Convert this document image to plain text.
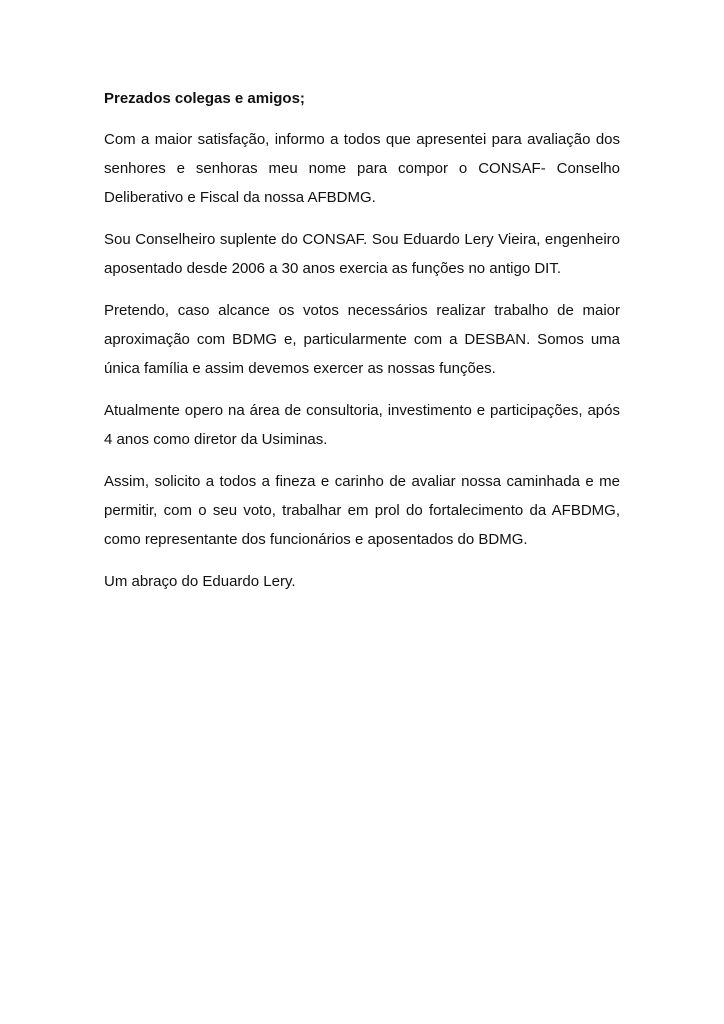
Prezados colegas e amigos;

Com a maior satisfação, informo a todos que apresentei para avaliação dos senhores e senhoras meu nome para compor o CONSAF- Conselho Deliberativo e Fiscal da nossa AFBDMG.

Sou Conselheiro suplente do CONSAF. Sou Eduardo Lery Vieira, engenheiro aposentado desde 2006 a 30 anos exercia as funções no antigo DIT.

Pretendo, caso alcance os votos necessários realizar trabalho de maior aproximação com BDMG e, particularmente com a DESBAN. Somos uma única família e assim devemos exercer as nossas funções.

Atualmente opero na área de consultoria, investimento e participações, após 4 anos como diretor da Usiminas.

Assim, solicito a todos a fineza e carinho de avaliar nossa caminhada e me permitir, com o seu voto, trabalhar em prol do fortalecimento da AFBDMG, como representante dos funcionários e aposentados do BDMG.

Um abraço do Eduardo Lery.
